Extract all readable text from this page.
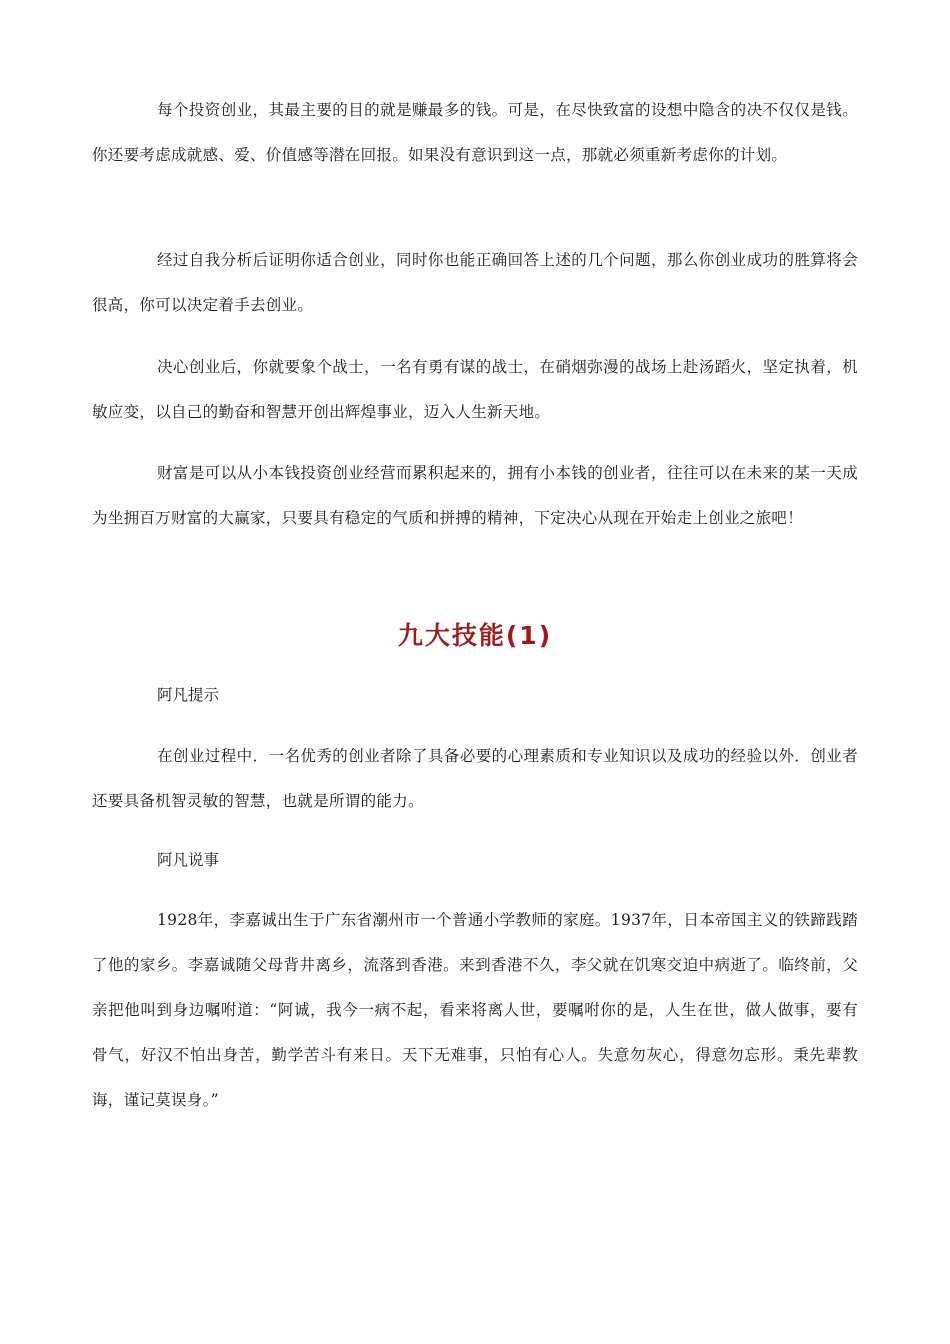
每个投资创业，其最主要的目的就是赚最多的钱。可是，在尽快致富的设想中隐含的决不仅仅是钱。你还要考虑成就感、爱、价值感等潜在回报。如果没有意识到这一点，那就必须重新考虑你的计划。

经过自我分析后证明你适合创业，同时你也能正确回答上述的几个问题，那么你创业成功的胜算将会很高，你可以决定着手去创业。

决心创业后，你就要象个战士，一名有勇有谋的战士，在硝烟弥漫的战场上赴汤蹈火，坚定执着，机敏应变，以自己的勤奋和智慧开创出辉煌事业，迈入人生新天地。

财富是可以从小本钱投资创业经营而累积起来的，拥有小本钱的创业者，往往可以在未来的某一天成为坐拥百万财富的大赢家，只要具有稳定的气质和拼搏的精神，下定决心从现在开始走上创业之旅吧！

九大技能(1)

阿凡提示

在创业过程中．一名优秀的创业者除了具备必要的心理素质和专业知识以及成功的经验以外．创业者还要具备机智灵敏的智慧，也就是所谓的能力。

阿凡说事

1928年，李嘉诚出生于广东省潮州市一个普通小学教师的家庭。1937年，日本帝国主义的铁蹄践踏了他的家乡。李嘉诚随父母背井离乡，流落到香港。来到香港不久，李父就在饥寒交迫中病逝了。临终前，父亲把他叫到身边嘱咐道：“阿诚，我今一病不起，看来将离人世，要嘱咐你的是，人生在世，做人做事，要有骨气，好汉不怕出身苦，勤学苦斗有来日。天下无难事，只怕有心人。失意勿灰心，得意勿忘形。秉先辈教诲，谨记莫误身。”
